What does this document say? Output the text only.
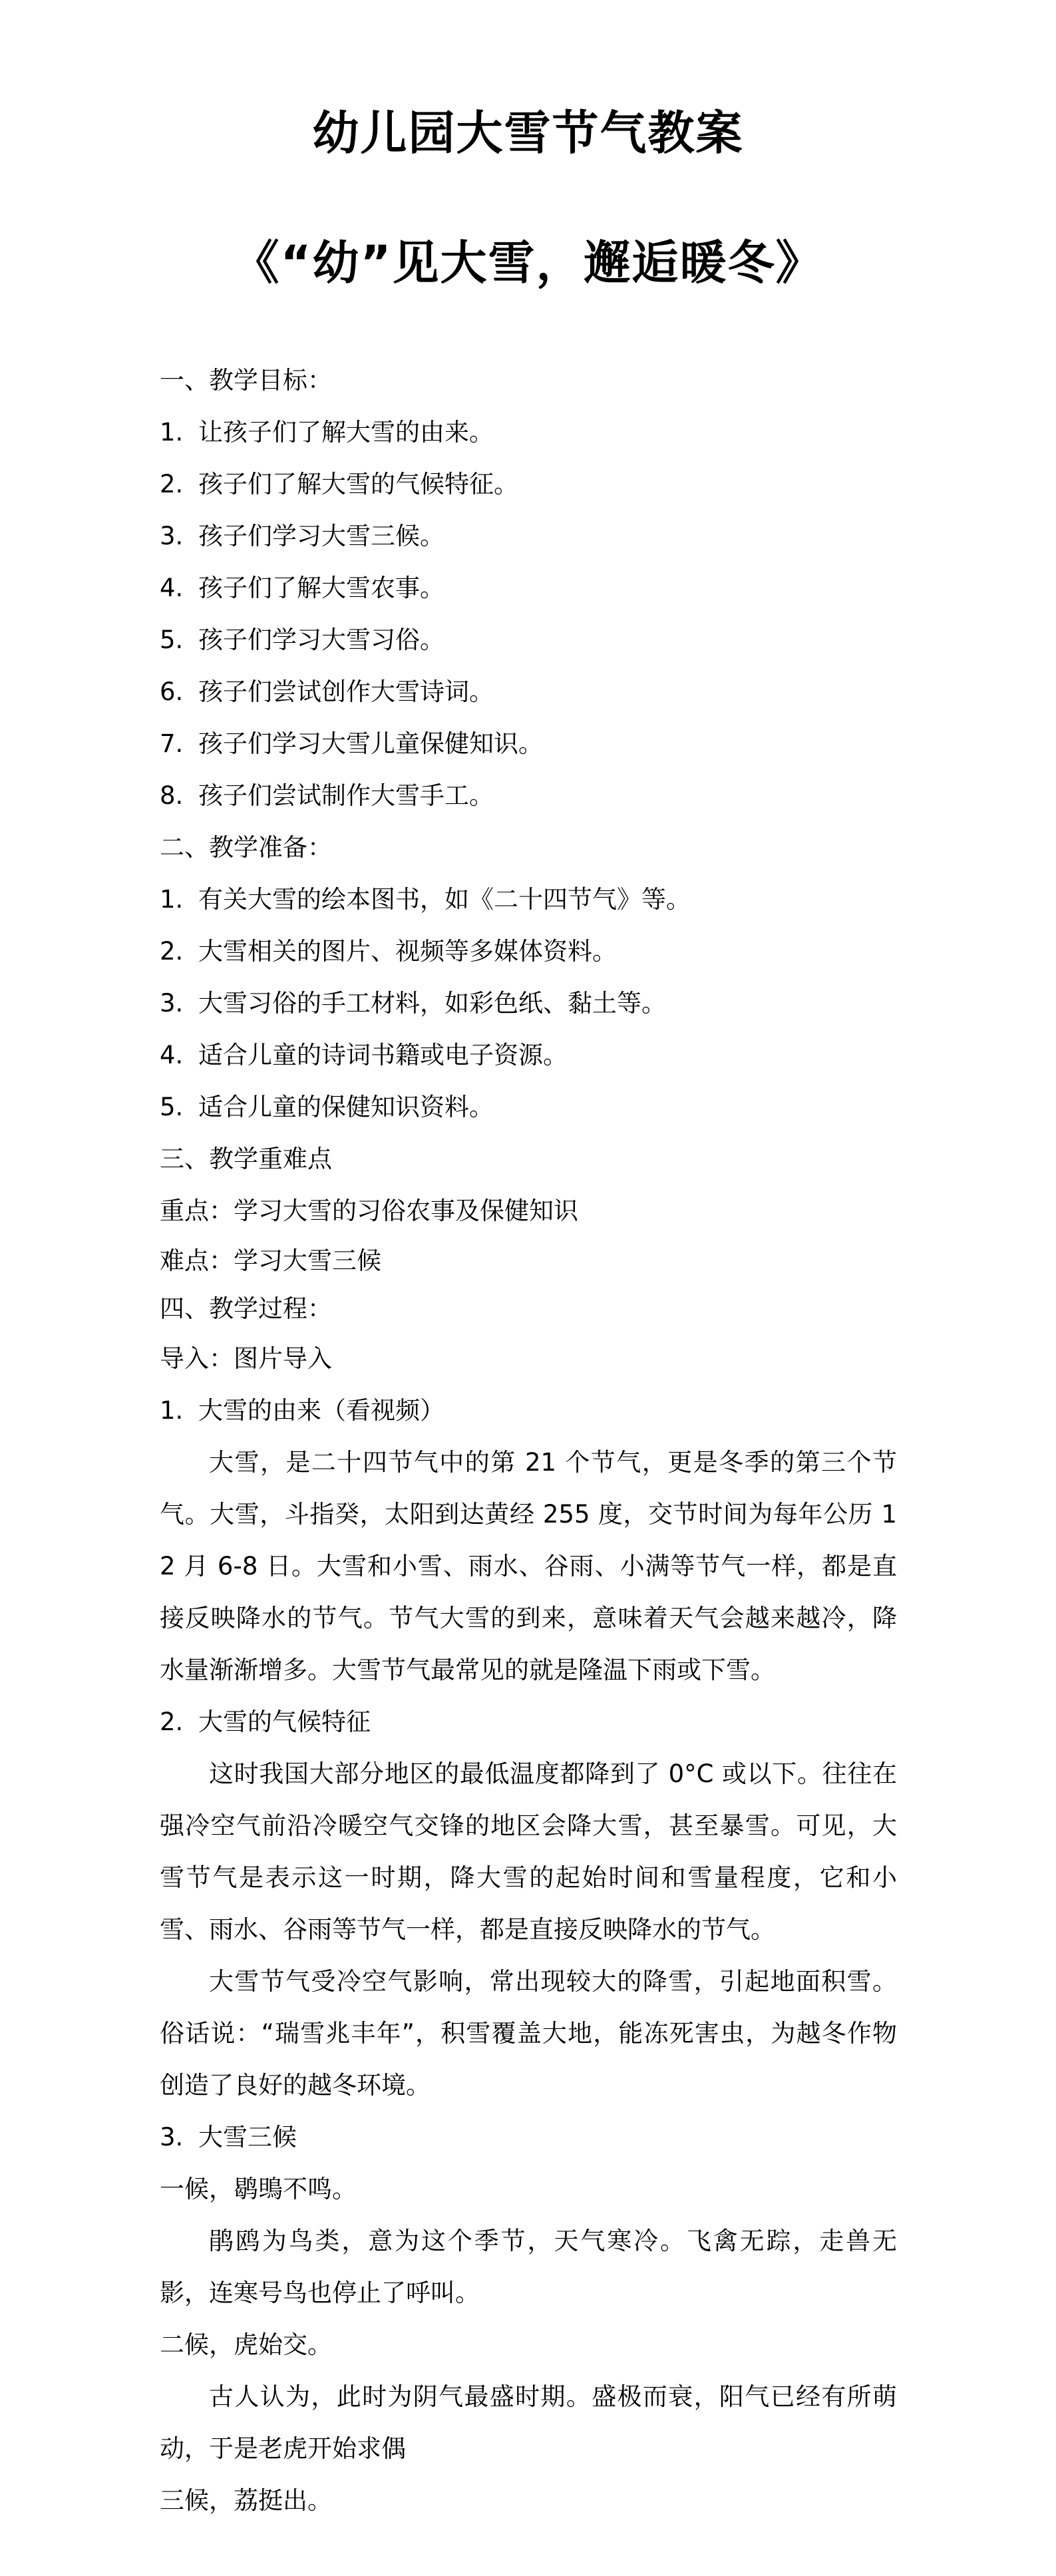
幼儿园大雪节气教案
《“幼”见大雪，邂逅暖冬》
一、教学目标：
1. 让孩子们了解大雪的由来。
2. 孩子们了解大雪的气候特征。
3. 孩子们学习大雪三候。
4. 孩子们了解大雪农事。
5. 孩子们学习大雪习俗。
6. 孩子们尝试创作大雪诗词。
7. 孩子们学习大雪儿童保健知识。
8. 孩子们尝试制作大雪手工。
二、教学准备：
1. 有关大雪的绘本图书，如《二十四节气》等。
2. 大雪相关的图片、视频等多媒体资料。
3. 大雪习俗的手工材料，如彩色纸、黏土等。
4. 适合儿童的诗词书籍或电子资源。
5. 适合儿童的保健知识资料。
三、教学重难点
重点：学习大雪的习俗农事及保健知识
难点：学习大雪三候
四、教学过程：
导入：图片导入
1. 大雪的由来（看视频）

大雪，是二十四节气中的第 21 个节气，更是冬季的第三个节气。大雪，斗指癸，太阳到达黄经 255 度，交节时间为每年公历 12 月 6-8 日。大雪和小雪、雨水、谷雨、小满等节气一样，都是直接反映降水的节气。节气大雪的到来，意味着天气会越来越冷，降水量渐渐增多。大雪节气最常见的就是隆温下雨或下雪。

2. 大雪的气候特征

这时我国大部分地区的最低温度都降到了 0°C 或以下。往往在强冷空气前沿冷暖空气交锋的地区会降大雪，甚至暴雪。可见，大雪节气是表示这一时期，降大雪的起始时间和雪量程度，它和小雪、雨水、谷雨等节气一样，都是直接反映降水的节气。

大雪节气受冷空气影响，常出现较大的降雪，引起地面积雪。俗话说：“瑞雪兆丰年”，积雪覆盖大地，能冻死害虫，为越冬作物创造了良好的越冬环境。

3. 大雪三候
一候，鹖鴠不鸣。

鹃鸥为鸟类，意为这个季节，天气寒冷。飞禽无踪，走兽无影，连寒号鸟也停止了呼叫。

二候，虎始交。

古人认为，此时为阴气最盛时期。盛极而衰，阳气已经有所萌动，于是老虎开始求偶

三候，荔挺出。
